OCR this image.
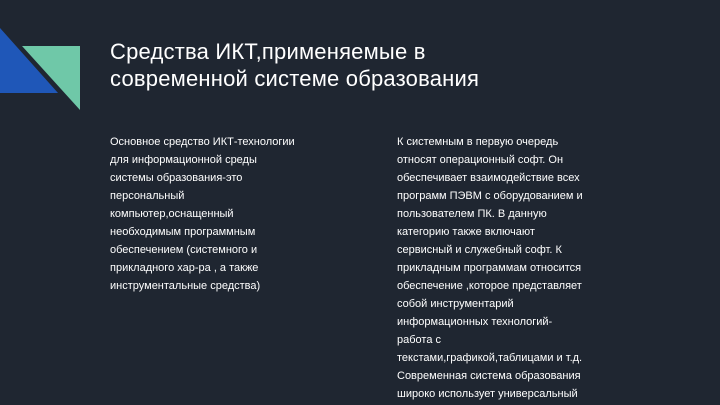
Средства ИКТ,применяемые в
современной системе образования

Основное средство ИКТ-технологии
для информационной среды
системы образования-это
персональный
компьютер,оснащенный
необходимым программным
обеспечением (системного и
прикладного хар-ра , а также
инструментальные средства)

К системным в первую очередь
относят операционный софт. Он
обеспечивает взаимодействие всех
программ ПЭВМ с оборудованием и
пользователем ПК. В данную
категорию также включают
сервисный и служебный софт. К
прикладным программам относится
обеспечение ,которое представляет
собой инструментарий
информационных технологий-
работа с
текстами,графикой,таблицами и т.д.
Современная система образования
широко использует универсальный
